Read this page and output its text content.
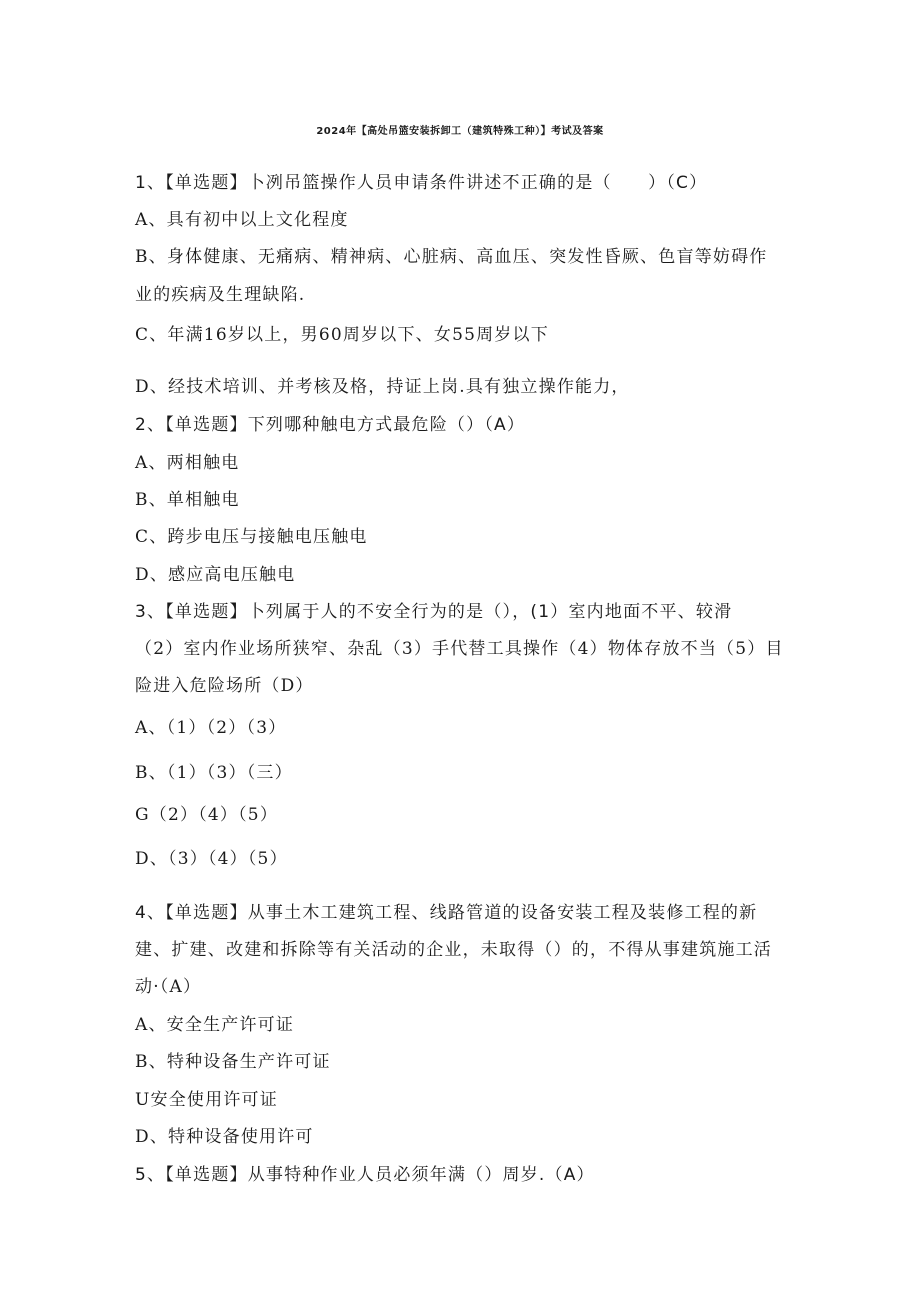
2024年【高处吊篮安装拆卸工（建筑特殊工种）】考试及答案
1、【单选题】卜冽吊篮操作人员申请条件讲述不正确的是（　　）（C）
A、具有初中以上文化程度
B、身体健康、无痛病、精神病、心脏病、高血压、突发性昏厥、色盲等妨碍作
业的疾病及生理缺陷.
C、年满16岁以上，男60周岁以下、女55周岁以下
D、经技术培训、并考核及格，持证上岗.具有独立操作能力，
2、【单选题】下列哪种触电方式最危险（）（A）
A、两相触电
B、单相触电
C、跨步电压与接触电压触电
D、感应高电压触电
3、【单选题】卜列属于人的不安全行为的是（），(1）室内地面不平、较滑
（2）室内作业场所狭窄、杂乱（3）手代替工具操作（4）物体存放不当（5）目
险进入危险场所（D）
A、（1）（2）（3）
B、（1）（3）（三）
G（2）（4）（5）
D、（3）（4）（5）
4、【单选题】从事土木工建筑工程、线路管道的设备安装工程及装修工程的新
建、扩建、改建和拆除等有关活动的企业，未取得（）的，不得从事建筑施工活
动·（A）
A、安全生产许可证
B、特种设备生产许可证
U安全使用许可证
D、特种设备使用许可
5、【单选题】从事特种作业人员必须年满（）周岁.（A）
